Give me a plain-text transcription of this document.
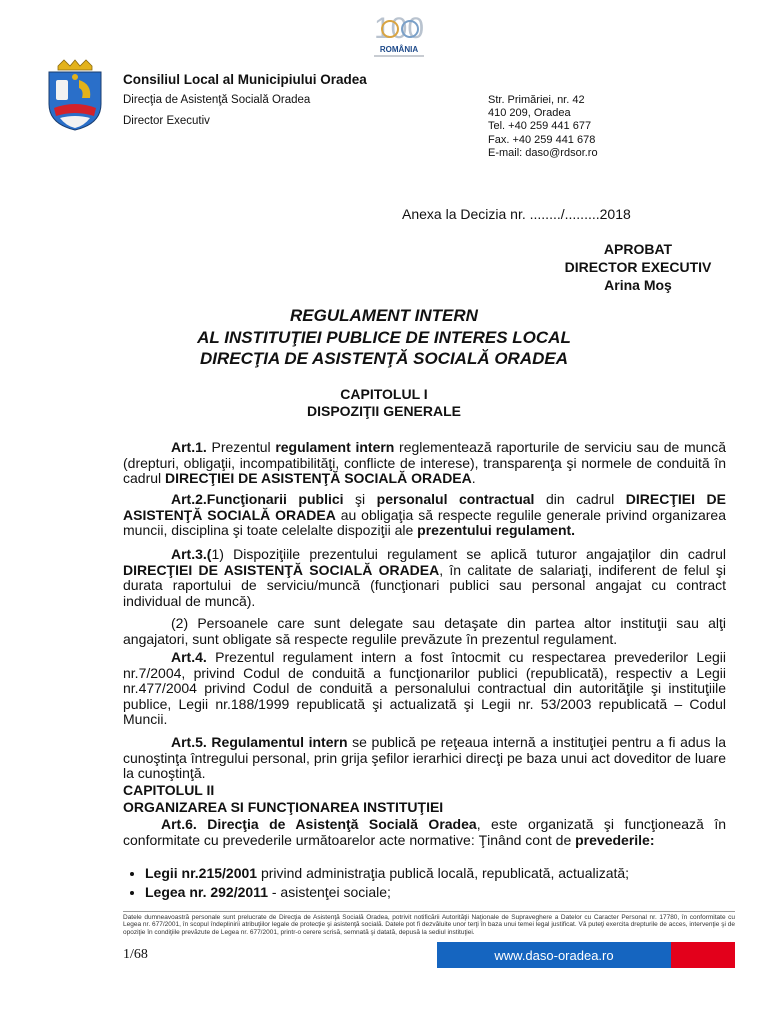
100
ROMÂNIA
Consiliul Local al Municipiului Oradea
Direcţia de Asistenţă Socială Oradea
Director Executiv
Str. Primăriei, nr. 42
410 209, Oradea
Tel. +40 259 441 677
Fax. +40 259 441 678
E-mail: daso@rdsor.ro
Anexa la Decizia nr. ......../.........2018
APROBAT
DIRECTOR EXECUTIV
Arina Moş
REGULAMENT INTERN
AL INSTITUŢIEI PUBLICE DE INTERES LOCAL
DIRECŢIA DE ASISTENŢĂ SOCIALĂ ORADEA
CAPITOLUL I
DISPOZIŢII GENERALE
Art.1. Prezentul regulament intern reglementează raporturile de serviciu sau de muncă (drepturi, obligaţii, incompatibilităţi, conflicte de interese), transparenţa şi normele de conduită în cadrul DIRECŢIEI DE ASISTENŢĂ SOCIALĂ ORADEA.
Art.2.Funcţionarii publici şi personalul contractual din cadrul DIRECŢIEI DE ASISTENŢĂ SOCIALĂ ORADEA au obligaţia să respecte regulile generale privind organizarea muncii, disciplina şi toate celelalte dispoziţii ale prezentului regulament.
Art.3.(1) Dispoziţiile prezentului regulament se aplică tuturor angajaţilor din cadrul DIRECŢIEI DE ASISTENŢĂ SOCIALĂ ORADEA, în calitate de salariaţi, indiferent de felul şi durata raportului de serviciu/muncă (funcţionari publici sau personal angajat cu contract individual de muncă).
(2) Persoanele care sunt delegate sau detaşate din partea altor instituţii sau alţi angajatori, sunt obligate să respecte regulile prevăzute în prezentul regulament.
Art.4. Prezentul regulament intern a fost întocmit cu respectarea prevederilor Legii nr.7/2004, privind Codul de conduită a funcţionarilor publici (republicată), respectiv a Legii nr.477/2004 privind Codul de conduită a personalului contractual din autorităţile şi instituţiile publice, Legii nr.188/1999 republicată şi actualizată şi Legii nr. 53/2003 republicată – Codul Muncii.
Art.5. Regulamentul intern se publică pe reţeaua internă a instituţiei pentru a fi adus la cunoştinţa întregului personal, prin grija şefilor ierarhici direcţi pe baza unui act doveditor de luare la cunoştinţă.
CAPITOLUL II
ORGANIZAREA SI FUNCŢIONAREA INSTITUŢIEI
Art.6. Direcţia de Asistenţă Socială Oradea, este organizată şi funcţionează în conformitate cu prevederile următoarelor acte normative: Ţinând cont de prevederile:
• Legii nr.215/2001 privind administraţia publică locală, republicată, actualizată;
• Legea nr. 292/2011 - asistenţei sociale;
Datele dumneavoastră personale sunt prelucrate de Direcţia de Asistenţă Socială Oradea, potrivit notificării Autorităţii Naţionale de Supraveghere a Datelor cu Caracter Personal nr. 17780, în conformitate cu Legea nr. 677/2001, în scopul îndeplinirii atribuţiilor legale de protecţie şi asistenţă socială. Datele pot fi dezvăluite unor terţi în baza unui temei legal justificat. Vă puteţi exercita drepturile de acces, intervenţie şi de opoziţie în condiţiile prevăzute de Legea nr. 677/2001, printr-o cerere scrisă, semnată şi datată, depusă la sediul instituţiei.
1/68	www.daso-oradea.ro
